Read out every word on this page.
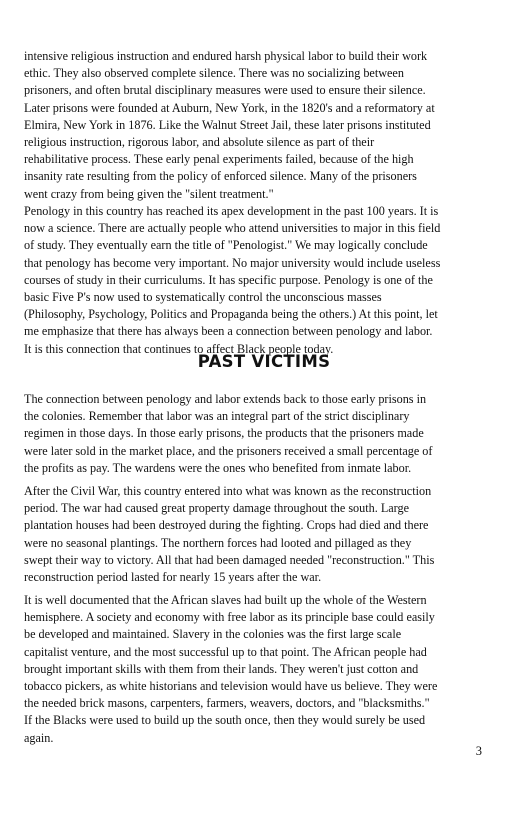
intensive religious instruction and endured harsh physical labor to build their work
ethic. They also observed complete silence. There was no socializing between
prisoners, and often brutal disciplinary measures were used to ensure their silence.
Later prisons were founded at Auburn, New York, in the 1820's and a reformatory at
Elmira, New York in 1876. Like the Walnut Street Jail, these later prisons instituted
religious instruction, rigorous labor, and absolute silence as part of their
rehabilitative process. These early penal experiments failed, because of the high
insanity rate resulting from the policy of enforced silence. Many of the prisoners
went crazy from being given the "silent treatment."
Penology in this country has reached its apex development in the past 100 years. It is
now a science. There are actually people who attend universities to major in this field
of study. They eventually earn the title of "Penologist." We may logically conclude
that penology has become very important. No major university would include useless
courses of study in their curriculums. It has specific purpose. Penology is one of the
basic Five P's now used to systematically control the unconscious masses
(Philosophy, Psychology, Politics and Propaganda being the others.) At this point, let
me emphasize that there has always been a connection between penology and labor.
It is this connection that continues to affect Black people today.
PAST VICTIMS
The connection between penology and labor extends back to those early prisons in
the colonies. Remember that labor was an integral part of the strict disciplinary
regimen in those days. In those early prisons, the products that the prisoners made
were later sold in the market place, and the prisoners received a small percentage of
the profits as pay. The wardens were the ones who benefited from inmate labor.
After the Civil War, this country entered into what was known as the reconstruction
period. The war had caused great property damage throughout the south. Large
plantation houses had been destroyed during the fighting. Crops had died and there
were no seasonal plantings. The northern forces had looted and pillaged as they
swept their way to victory. All that had been damaged needed "reconstruction." This
reconstruction period lasted for nearly 15 years after the war.
It is well documented that the African slaves had built up the whole of the Western
hemisphere. A society and economy with free labor as its principle base could easily
be developed and maintained. Slavery in the colonies was the first large scale
capitalist venture, and the most successful up to that point. The African people had
brought important skills with them from their lands. They weren't just cotton and
tobacco pickers, as white historians and television would have us believe. They were
the needed brick masons, carpenters, farmers, weavers, doctors, and "blacksmiths."
If the Blacks were used to build up the south once, then they would surely be used
again.
3
